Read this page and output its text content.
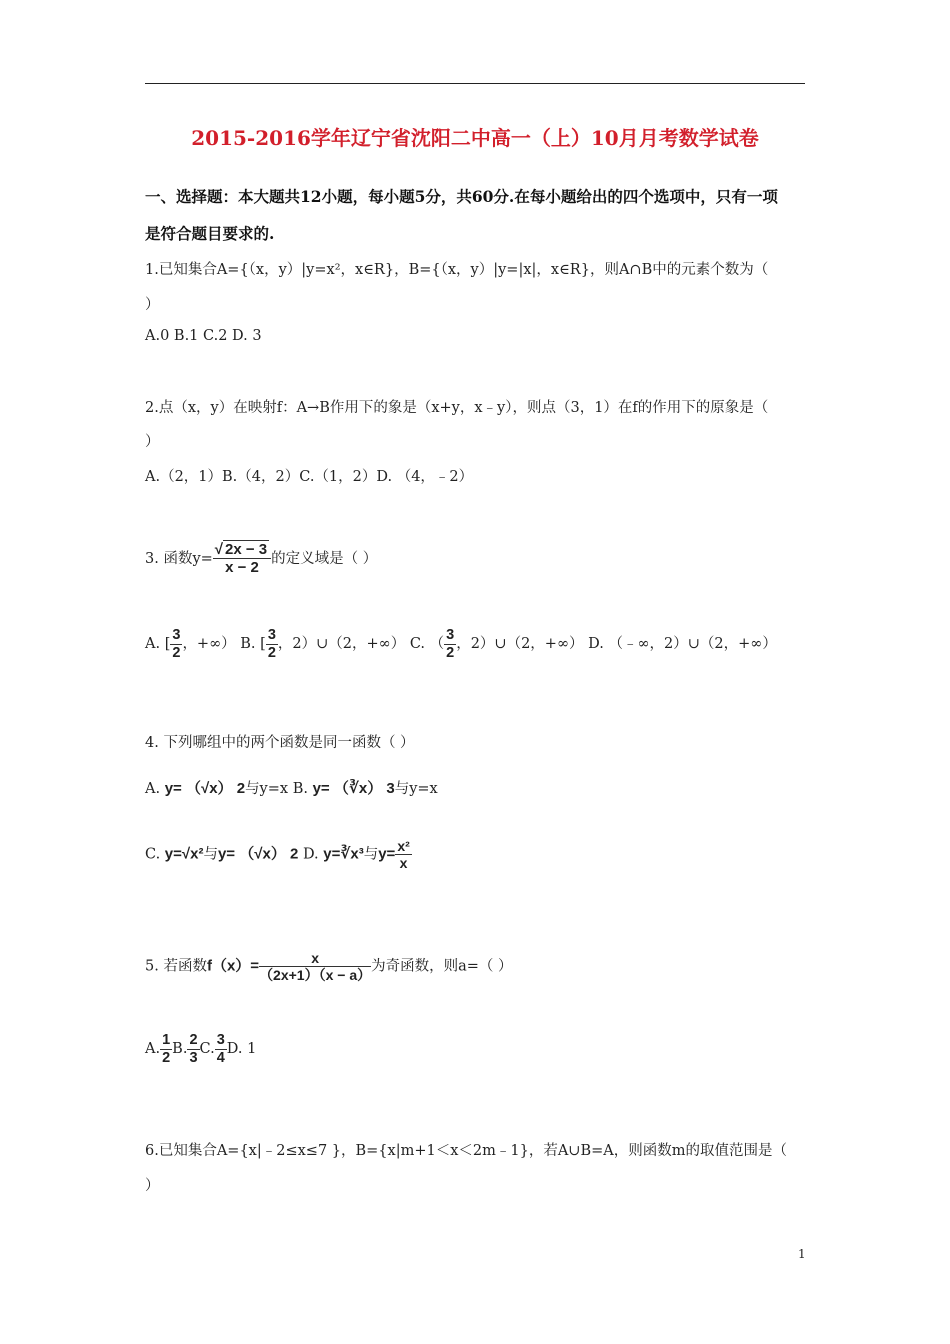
2015-2016学年辽宁省沈阳二中高一（上）10月月考数学试卷
一、选择题：本大题共12小题，每小题5分，共60分.在每小题给出的四个选项中，只有一项
是符合题目要求的.
1.已知集合A={（x，y）|y=x²，x∈R}，B={（x，y）|y=|x|，x∈R}，则A∩B中的元素个数为（
）
A.0 B.1 C.2 D. 3
2.点（x，y）在映射f：A→B作用下的象是（x+y，x﹣y），则点（3，1）在f的作用下的原象是（
）
A.（2，1）B.（4，2）C.（1，2）D. （4，﹣2）
3. 函数$y= \frac{√ 2x - 3}{x - 2}$ 的定义域是（ ）
A. [ $\frac{3}{2}$ ，+∞） B. [ $\frac{3}{2}$ ，2）∪（2，+∞） C. （ $\frac{3}{2}$ ，2）∪（2，+∞） D. （﹣∞，2）∪（2，+∞）
4. 下列哪组中的两个函数是同一函数（ ）
A. y= （√x） 2与y=x B. y= （∛x） 3与y=x
C. y=√x²与y= （√x） 2 D. y=∛x³与$y= \frac{\text{x²}}{x}$
5. 若函数$f(x)= \frac{x}{(2x+1)(x - a)}$ 为奇函数，则a=（ ）
A. $\frac{1}{2} B$. $\frac{2}{3} C$. $\frac{3}{4} D$. 1
6.已知集合A={x|﹣2≤x≤7 }，B={x|m+1＜x＜2m﹣1}，若A∪B=A，则函数m的取值范围是（
）
1
